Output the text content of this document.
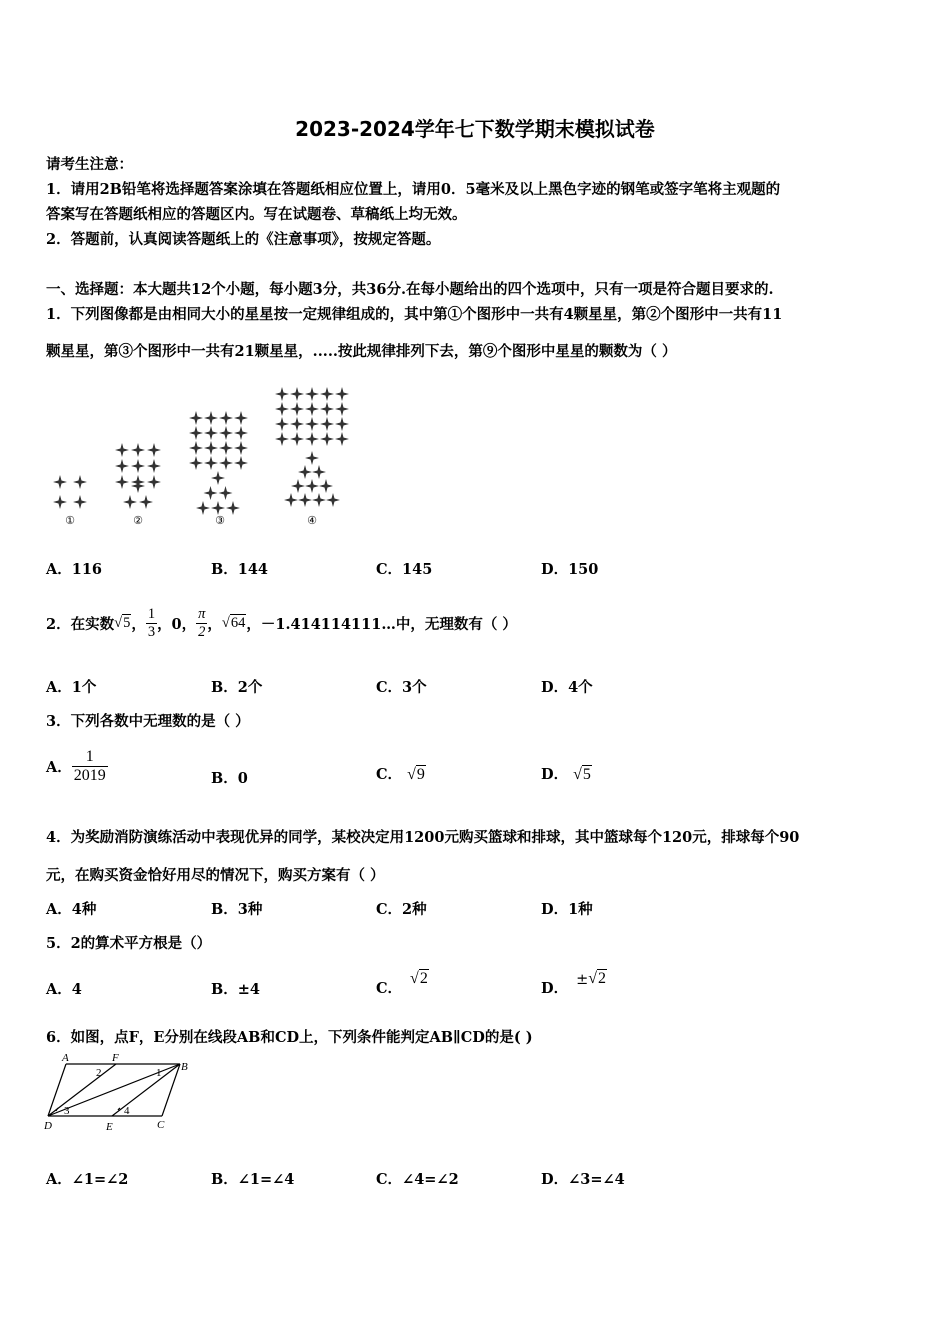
2023-2024学年七下数学期末模拟试卷
请考生注意：
1．请用2B铅笔将选择题答案涂填在答题纸相应位置上，请用0．5毫米及以上黑色字迹的钢笔或签字笔将主观题的
答案写在答题纸相应的答题区内。写在试题卷、草稿纸上均无效。
2．答题前，认真阅读答题纸上的《注意事项》，按规定答题。
一、选择题：本大题共12个小题，每小题3分，共36分.在每小题给出的四个选项中，只有一项是符合题目要求的.
1．下列图像都是由相同大小的星星按一定规律组成的，其中第①个图形中一共有4颗星星，第②个图形中一共有11
颗星星，第③个图形中一共有21颗星星，.....按此规律排列下去，第⑨个图形中星星的颗数为（ ）
①	②	③	④
A．116	B．144	C．145	D．150
2．在实数 √5 ， $\frac{1}{3}$ ，0， $\frac{\pi}{2}$ ， √64 ，－1.414114111…中，无理数有（ ）
A．1个	B．2个	C．3个	D．4个
3．下列各数中无理数的是（ ）
A． $\frac{1}{2019}$	B．0	C． √9	D． √5
4．为奖励消防演练活动中表现优异的同学，某校决定用1200元购买篮球和排球，其中篮球每个120元，排球每个90
元，在购买资金恰好用尽的情况下，购买方案有（ ）
A．4种	B．3种	C．2种	D．1种
5．2的算术平方根是（）
A．4	B．±4	C．
√2
D． ± √2
6．如图，点F，E分别在线段AB和CD上，下列条件能判定AB∥CD的是( )
A	F
B
D	E	C
1
2
3	4
A．∠1=∠2	B．∠1=∠4	C．∠4=∠2	D．∠3=∠4
